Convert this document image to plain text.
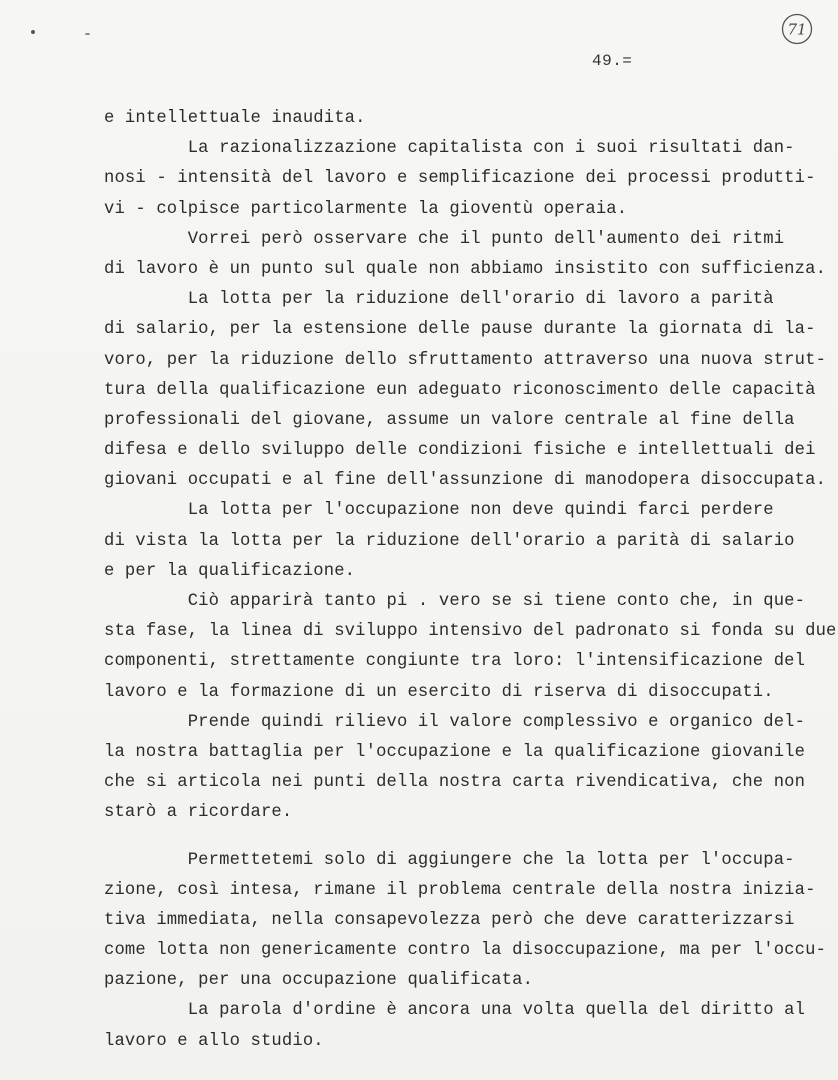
71
49.=
e intellettuale inaudita.
La razionalizzazione capitalista con i suoi risultati dan-
nosi - intensità del lavoro e semplificazione dei processi produtti-
vi - colpisce particolarmente la gioventù operaia.
Vorrei però osservare che il punto dell'aumento dei ritmi
di lavoro è un punto sul quale non abbiamo insistito con sufficienza.
La lotta per la riduzione dell'orario di lavoro a parità
di salario, per la estensione delle pause durante la giornata di la-
voro, per la riduzione dello sfruttamento attraverso una nuova strut-
tura della qualificazione eun adeguato riconoscimento delle capacità
professionali del giovane, assume un valore centrale al fine della
difesa e dello sviluppo delle condizioni fisiche e intellettuali dei
giovani occupati e al fine dell'assunzione di manodopera disoccupata.
La lotta per l'occupazione non deve quindi farci perdere
di vista la lotta per la riduzione dell'orario a parità di salario
e per la qualificazione.
Ciò apparirà tanto pi . vero se si tiene conto che, in que-
sta fase, la linea di sviluppo intensivo del padronato si fonda su due
componenti, strettamente congiunte tra loro: l'intensificazione del
lavoro e la formazione di un esercito di riserva di disoccupati.
Prende quindi rilievo il valore complessivo e organico del-
la nostra battaglia per l'occupazione e la qualificazione giovanile
che si articola nei punti della nostra carta rivendicativa, che non
starò a ricordare.
Permettetemi solo di aggiungere che la lotta per l'occupa-
zione, così intesa, rimane il problema centrale della nostra inizia-
tiva immediata, nella consapevolezza però che deve caratterizzarsi
come lotta non genericamente contro la disoccupazione, ma per l'occu-
pazione, per una occupazione qualificata.
La parola d'ordine è ancora una volta quella del diritto al
lavoro e allo studio.
